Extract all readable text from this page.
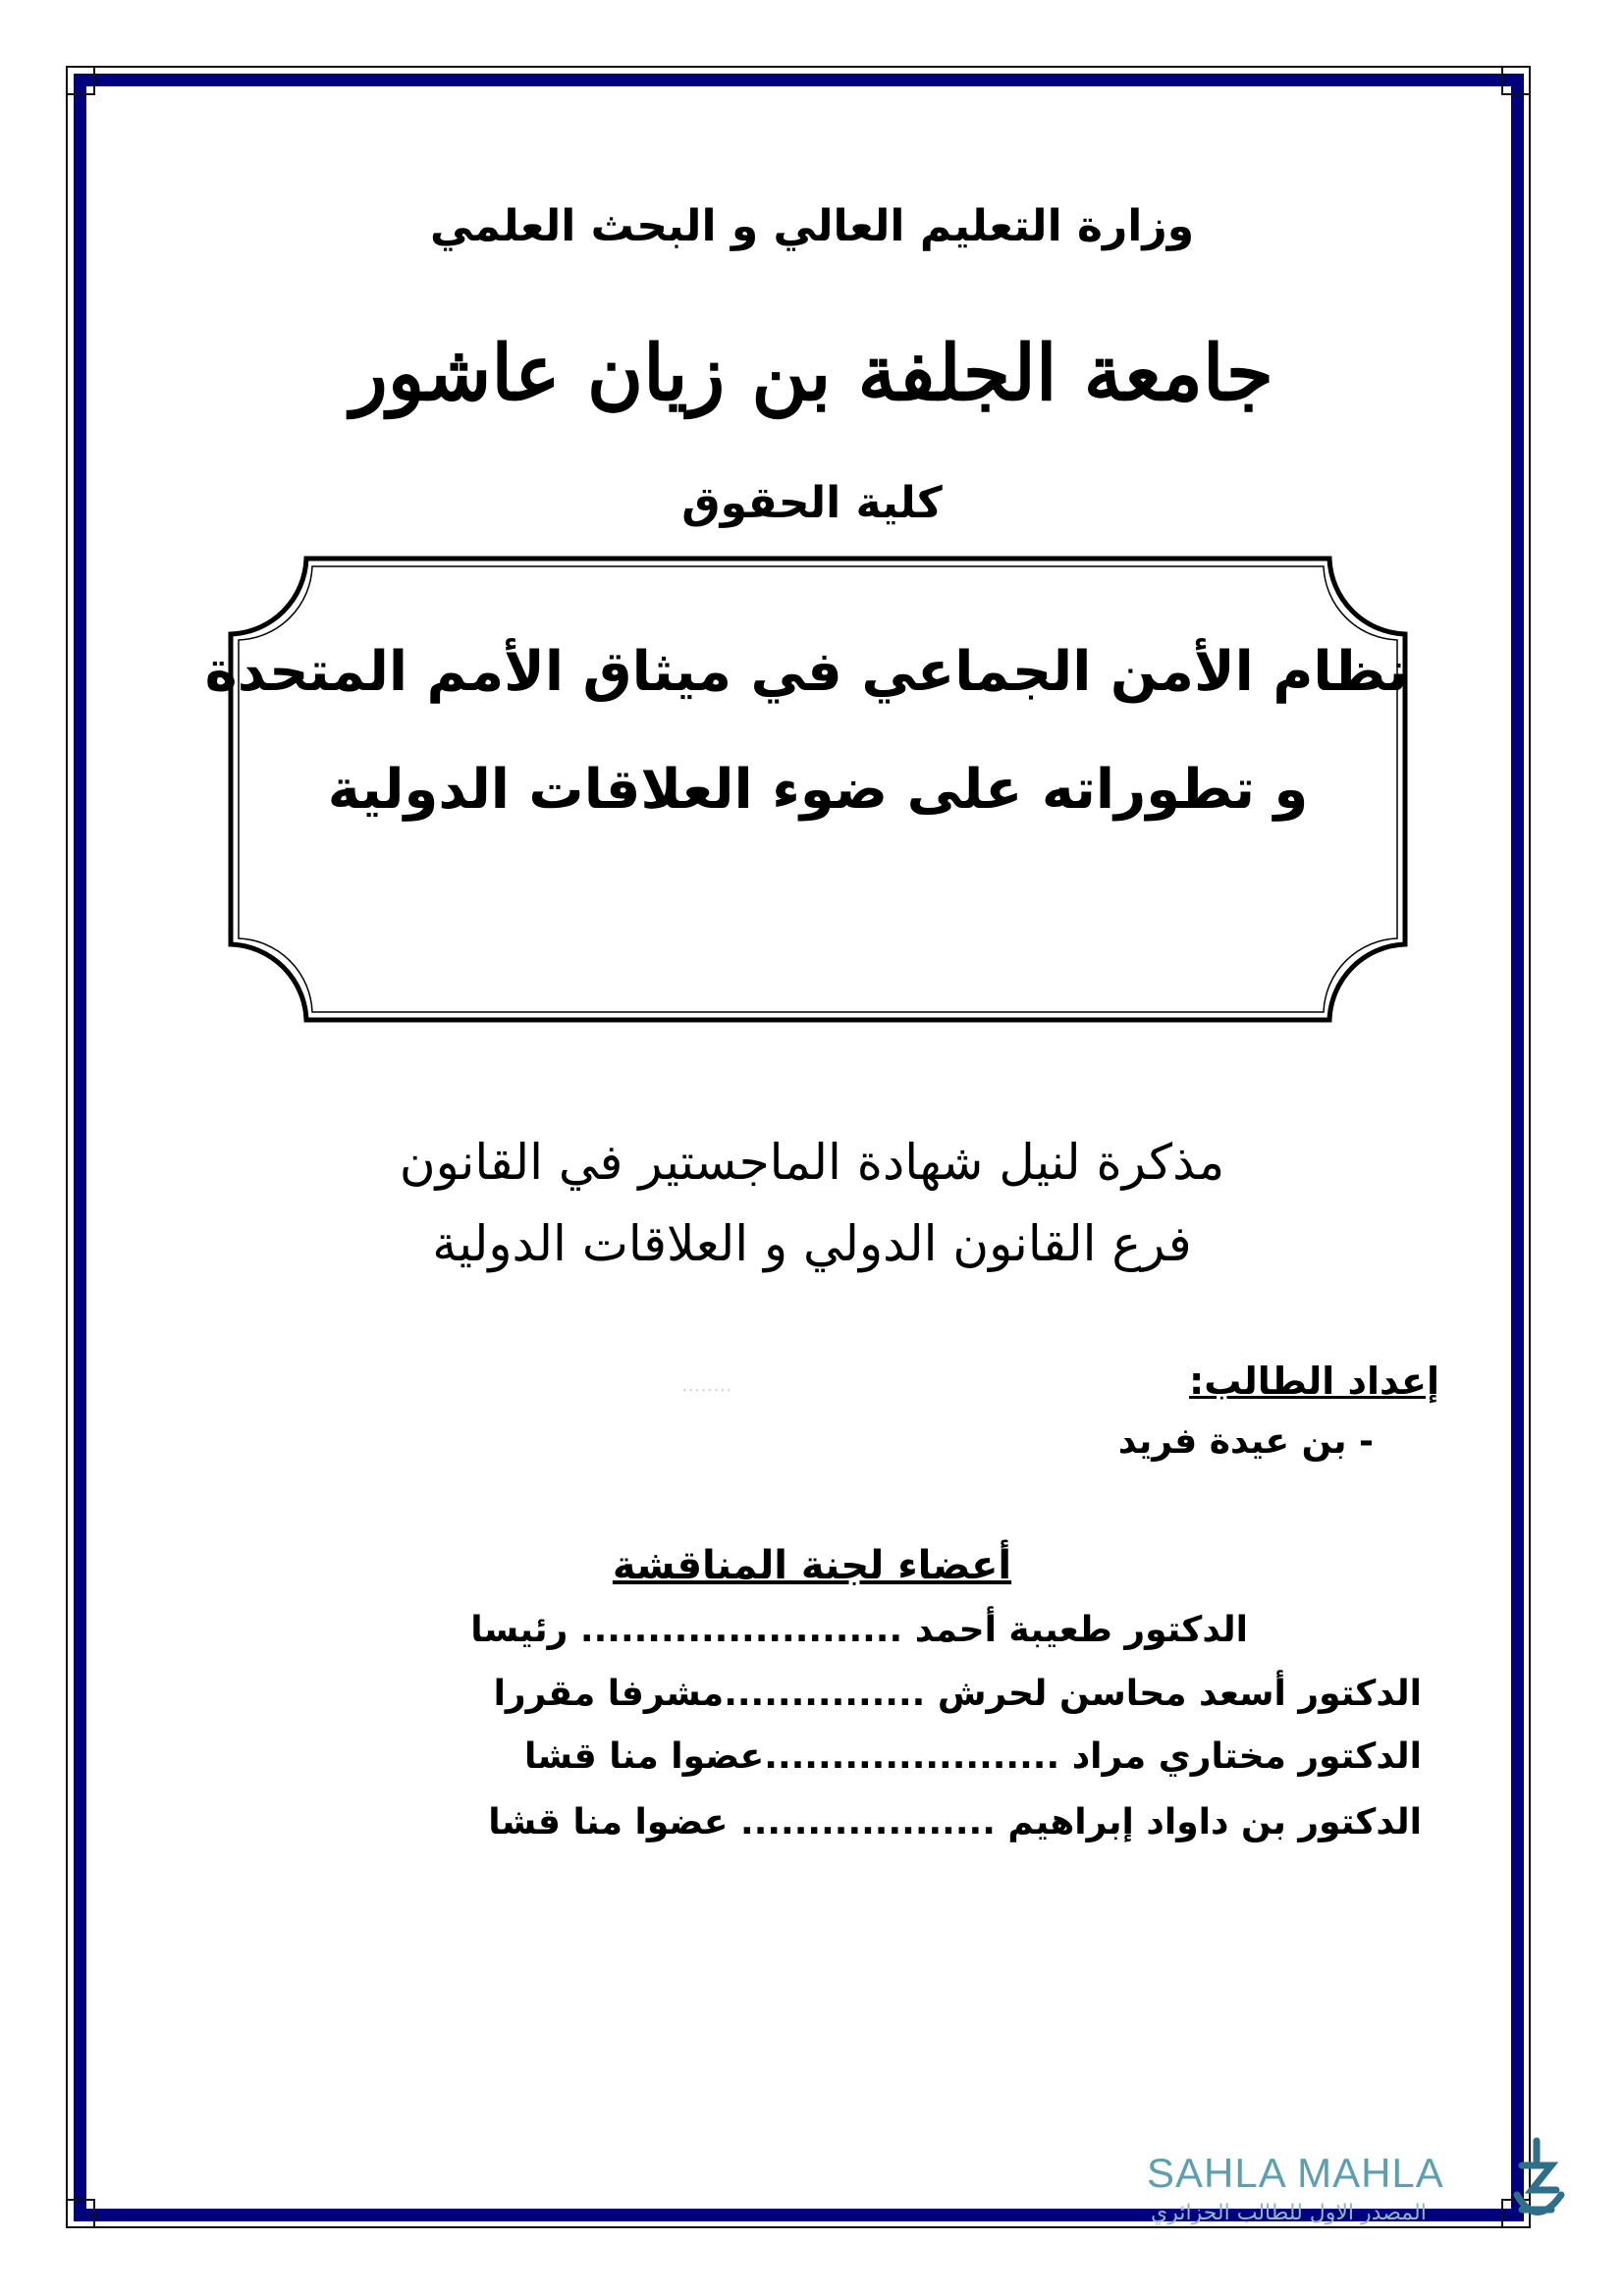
وزارة التعليم العالي و البحث العلمي
جامعة الجلفة بن زيان عاشور
كلية الحقوق
نظام الأمن الجماعي في ميثاق الأمم المتحدة
و تطوراته على ضوء العلاقات الدولية
مذكرة لنيل شهادة الماجستير في القانون
فرع القانون الدولي و العلاقات الدولية
إعداد الطالب:
........
- بن عيدة فريد
أعضاء لجنة المناقشة
الدكتور طعيبة أحمد ........................ رئيسا
الدكتور أسعد محاسن لحرش ...............مشرفا مقررا
الدكتور مختاري مراد ......................عضوا منا قشا
الدكتور بن داواد إبراهيم ................... عضوا منا قشا
SAHLA MAHLA
المصدر الاول للطالب الجزائري
